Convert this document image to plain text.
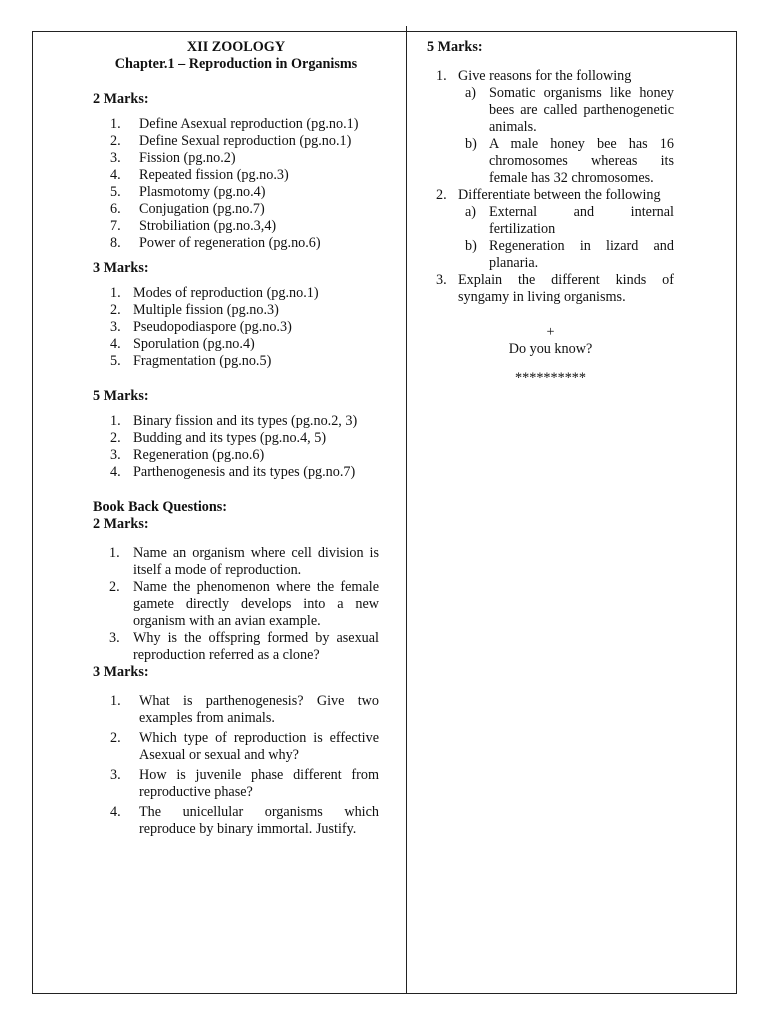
XII ZOOLOGY
Chapter.1 – Reproduction in Organisms
2 Marks:
1. Define Asexual reproduction (pg.no.1)
2. Define Sexual reproduction (pg.no.1)
3. Fission (pg.no.2)
4. Repeated fission (pg.no.3)
5. Plasmotomy (pg.no.4)
6. Conjugation (pg.no.7)
7. Strobiliation (pg.no.3,4)
8. Power of regeneration (pg.no.6)
3 Marks:
1. Modes of reproduction (pg.no.1)
2. Multiple fission (pg.no.3)
3. Pseudopodiaspore (pg.no.3)
4. Sporulation (pg.no.4)
5. Fragmentation (pg.no.5)
5 Marks:
1. Binary fission and its types (pg.no.2, 3)
2. Budding and its types (pg.no.4, 5)
3. Regeneration (pg.no.6)
4. Parthenogenesis and its types (pg.no.7)
Book Back Questions:
2 Marks:
1. Name an organism where cell division is itself a mode of reproduction.
2. Name the phenomenon where the female gamete directly develops into a new organism with an avian example.
3. Why is the offspring formed by asexual reproduction referred as a clone?
3 Marks:
1. What is parthenogenesis? Give two examples from animals.
2. Which type of reproduction is effective Asexual or sexual and why?
3. How is juvenile phase different from reproductive phase?
4. The unicellular organisms which reproduce by binary immortal. Justify.
5 Marks:
1. Give reasons for the following
a) Somatic organisms like honey bees are called parthenogenetic animals.
b) A male honey bee has 16 chromosomes whereas its female has 32 chromosomes.
2. Differentiate between the following
a) External and internal fertilization
b) Regeneration in lizard and planaria.
3. Explain the different kinds of syngamy in living organisms.
+
Do you know?
**********
